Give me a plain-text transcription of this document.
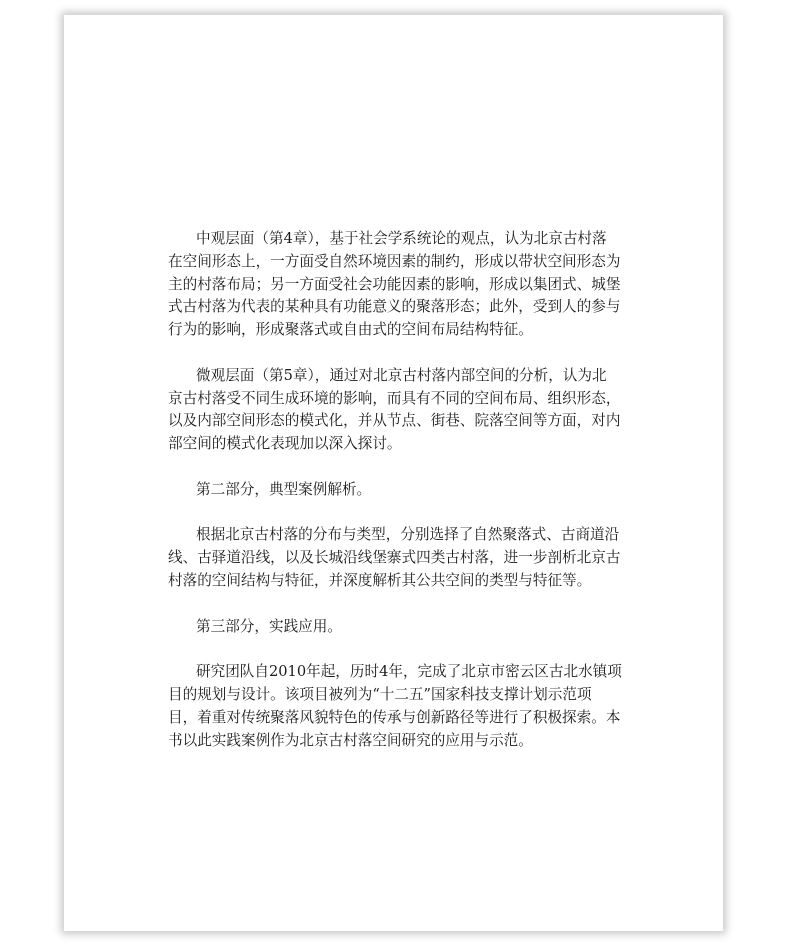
中观层面（第4章），基于社会学系统论的观点，认为北京古村落
在空间形态上，一方面受自然环境因素的制约，形成以带状空间形态为
主的村落布局；另一方面受社会功能因素的影响，形成以集团式、城堡
式古村落为代表的某种具有功能意义的聚落形态；此外，受到人的参与
行为的影响，形成聚落式或自由式的空间布局结构特征。

微观层面（第5章），通过对北京古村落内部空间的分析，认为北
京古村落受不同生成环境的影响，而具有不同的空间布局、组织形态，
以及内部空间形态的模式化，并从节点、街巷、院落空间等方面，对内
部空间的模式化表现加以深入探讨。

第二部分，典型案例解析。

根据北京古村落的分布与类型，分别选择了自然聚落式、古商道沿
线、古驿道沿线，以及长城沿线堡寨式四类古村落，进一步剖析北京古
村落的空间结构与特征，并深度解析其公共空间的类型与特征等。

第三部分，实践应用。

研究团队自2010年起，历时4年，完成了北京市密云区古北水镇项
目的规划与设计。该项目被列为“十二五”国家科技支撑计划示范项
目，着重对传统聚落风貌特色的传承与创新路径等进行了积极探索。本
书以此实践案例作为北京古村落空间研究的应用与示范。
